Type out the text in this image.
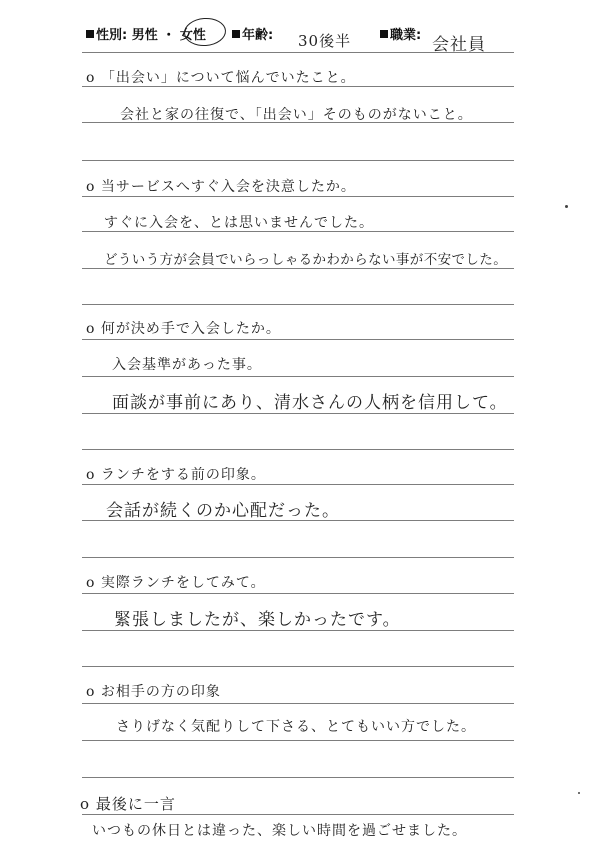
性別: 男性 ・ 女性	年齢: 30後半	職業: 会社員
o 「出会い」について悩んでいたこと。
会社と家の往復で、「出会い」そのものがないこと。
o 当サービスへすぐ入会を決意したか。
すぐに入会を、とは思いませんでした。
どういう方が会員でいらっしゃるかわからない事が不安でした。
o 何が決め手で入会したか。
入会基準があった事。
面談が事前にあり、清水さんの人柄を信用して。
o ランチをする前の印象。
会話が続くのか心配だった。
o 実際ランチをしてみて。
緊張しましたが、楽しかったです。
o お相手の方の印象
さりげなく気配りして下さる、とてもいい方でした。
o 最後に一言
いつもの休日とは違った、楽しい時間を過ごせました。
